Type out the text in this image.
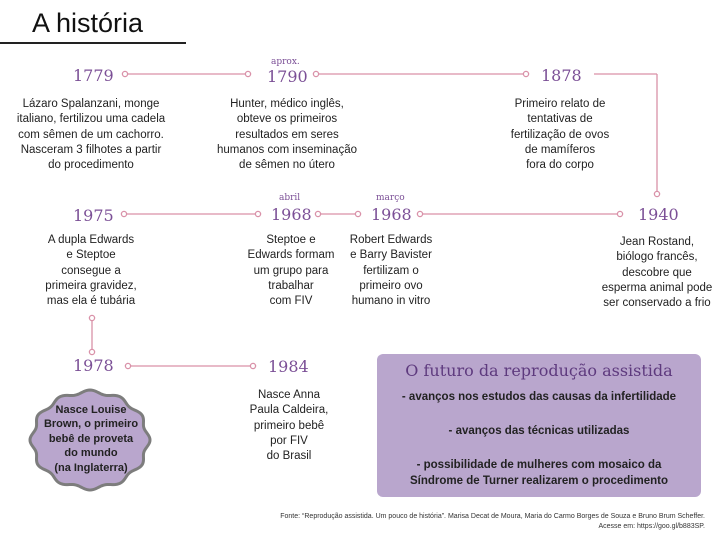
A história
1779
Lázaro Spalanzani, monge
italiano, fertilizou uma cadela
com sêmen de um cachorro.
Nasceram 3 filhotes a partir
do procedimento
aprox.
1790
Hunter, médico inglês,
obteve os primeiros
resultados em seres
humanos com inseminação
de sêmen no útero
1878
Primeiro relato de
tentativas de
fertilização de ovos
de mamíferos
fora do corpo
1940
Jean Rostand,
biólogo francês,
descobre que
esperma animal pode
ser conservado a frio
março
1968
Robert Edwards
e Barry Bavister
fertilizam o
primeiro ovo
humano in vitro
abril
1968
Steptoe e
Edwards formam
um grupo para
trabalhar
com FIV
1975
A dupla Edwards
e Steptoe
consegue a
primeira gravidez,
mas ela é tubária
1978
Nasce Louise
Brown, o primeiro
bebê de proveta
do mundo
(na Inglaterra)
1984
Nasce Anna
Paula Caldeira,
primeiro bebê
por FIV
do Brasil
O futuro da reprodução assistida
- avanços nos estudos das causas da infertilidade
- avanços das técnicas utilizadas
- possibilidade de mulheres com mosaico da
Síndrome de Turner realizarem o procedimento
Fonte: “Reprodução assistida. Um pouco de história”. Marisa Decat de Moura, Maria do Carmo Borges de Souza e Bruno Brum Scheffer.
Acesse em: https://goo.gl/b883SP.
